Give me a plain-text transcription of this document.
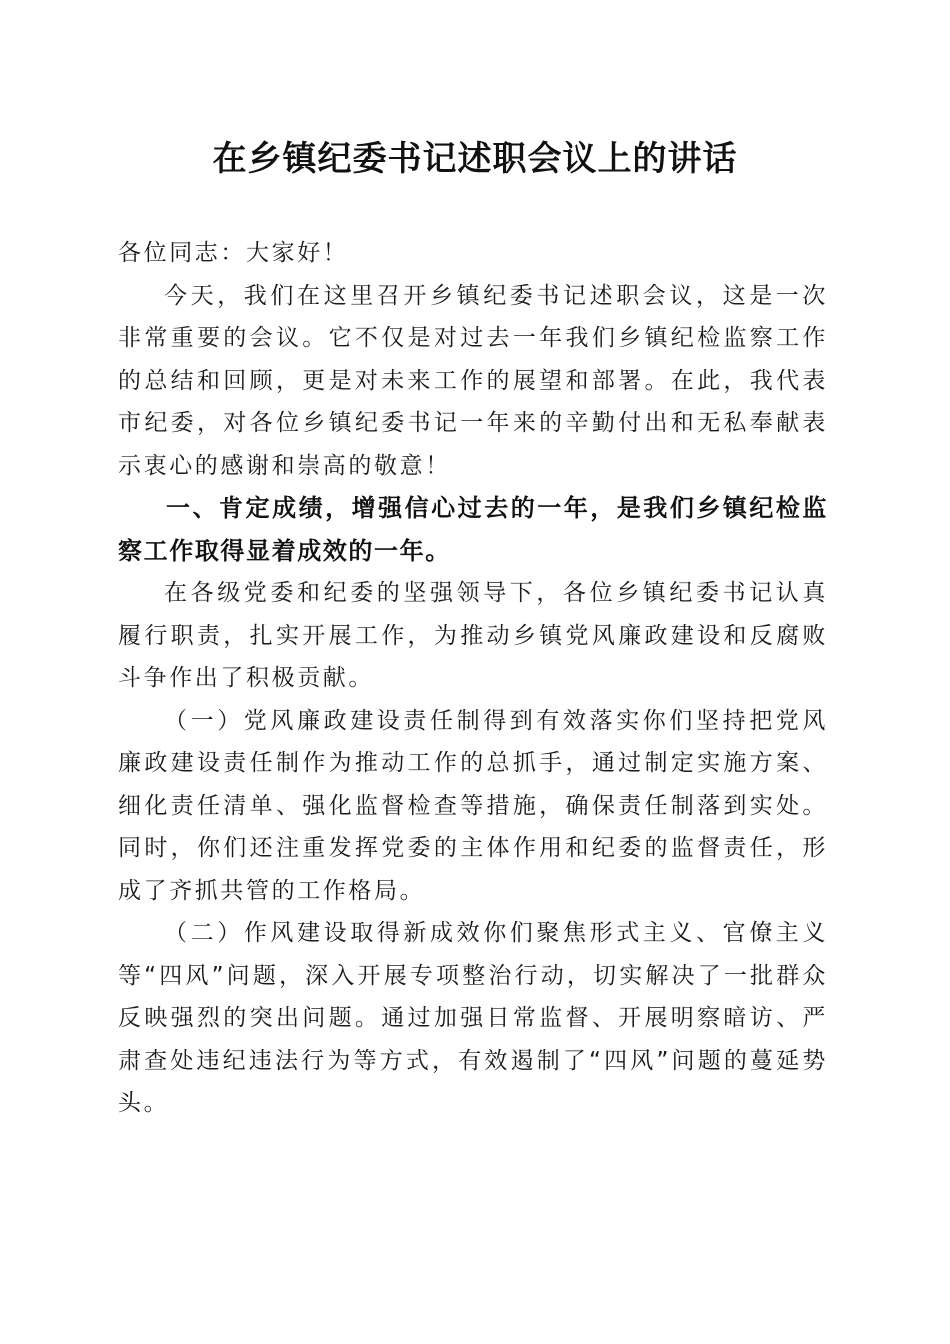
在乡镇纪委书记述职会议上的讲话

各位同志：大家好！

今天，我们在这里召开乡镇纪委书记述职会议，这是一次非常重要的会议。它不仅是对过去一年我们乡镇纪检监察工作的总结和回顾，更是对未来工作的展望和部署。在此，我代表市纪委，对各位乡镇纪委书记一年来的辛勤付出和无私奉献表示衷心的感谢和崇高的敬意！

一、肯定成绩，增强信心过去的一年，是我们乡镇纪检监察工作取得显着成效的一年。

在各级党委和纪委的坚强领导下，各位乡镇纪委书记认真履行职责，扎实开展工作，为推动乡镇党风廉政建设和反腐败斗争作出了积极贡献。

（一）党风廉政建设责任制得到有效落实你们坚持把党风廉政建设责任制作为推动工作的总抓手，通过制定实施方案、细化责任清单、强化监督检查等措施，确保责任制落到实处。同时，你们还注重发挥党委的主体作用和纪委的监督责任，形成了齐抓共管的工作格局。

（二）作风建设取得新成效你们聚焦形式主义、官僚主义等“四风”问题，深入开展专项整治行动，切实解决了一批群众反映强烈的突出问题。通过加强日常监督、开展明察暗访、严肃查处违纪违法行为等方式，有效遏制了“四风”问题的蔓延势头。
